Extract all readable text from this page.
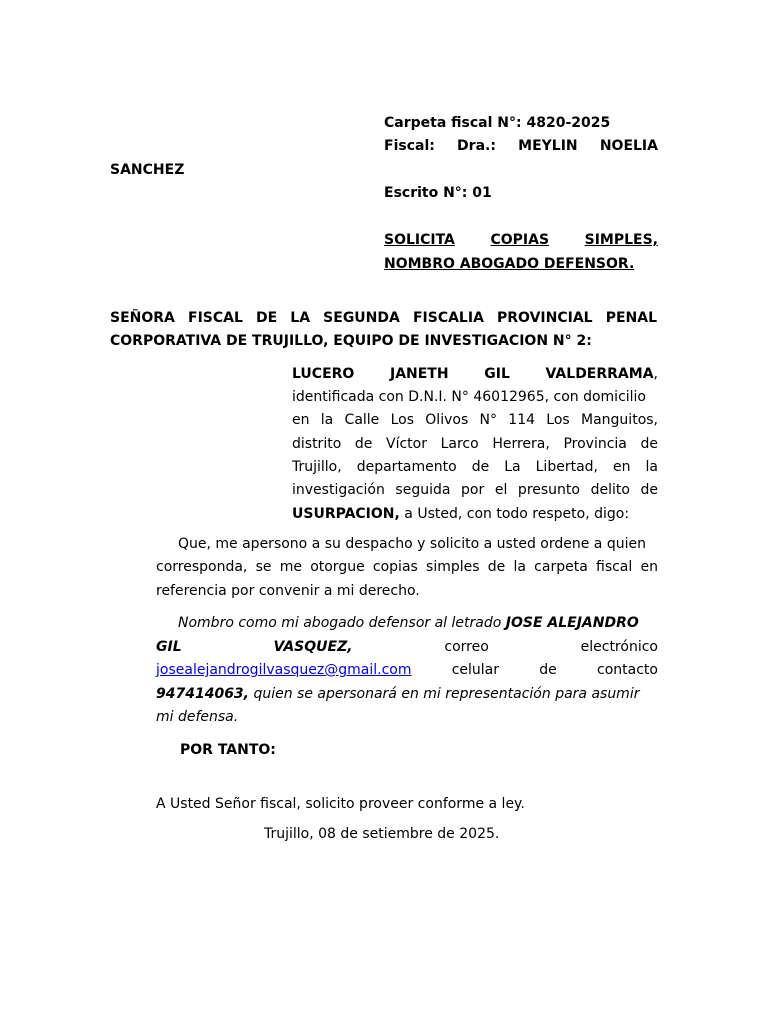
Carpeta fiscal N°: 4820-2025
Fiscal: Dra.: MEYLIN NOELIA
SANCHEZ
Escrito N°: 01
SOLICITA	COPIAS	SIMPLES,
NOMBRO ABOGADO DEFENSOR.
SEÑORA FISCAL DE LA SEGUNDA FISCALIA PROVINCIAL PENAL
CORPORATIVA DE TRUJILLO, EQUIPO DE INVESTIGACION N° 2:
LUCERO	JANETH	GIL	VALDERRAMA,
identificada con D.N.I. N° 46012965, con domicilio
en la Calle Los Olivos N° 114 Los Manguitos,
distrito de Víctor Larco Herrera, Provincia de
Trujillo, departamento de La Libertad, en la
investigación seguida por el presunto delito de
USURPACION, a Usted, con todo respeto, digo:
Que, me apersono a su despacho y solicito a usted ordene a quien
corresponda, se me otorgue copias simples de la carpeta fiscal en
referencia por convenir a mi derecho.
Nombro como mi abogado defensor al letrado JOSE ALEJANDRO
GIL	VASQUEZ,	correo	electrónico
josealejandrogilvasquez@gmail.com	celular	de	contacto
947414063, quien se apersonará en mi representación para asumir
mi defensa.
POR TANTO:
A Usted Señor fiscal, solicito proveer conforme a ley.
Trujillo, 08 de setiembre de 2025.
